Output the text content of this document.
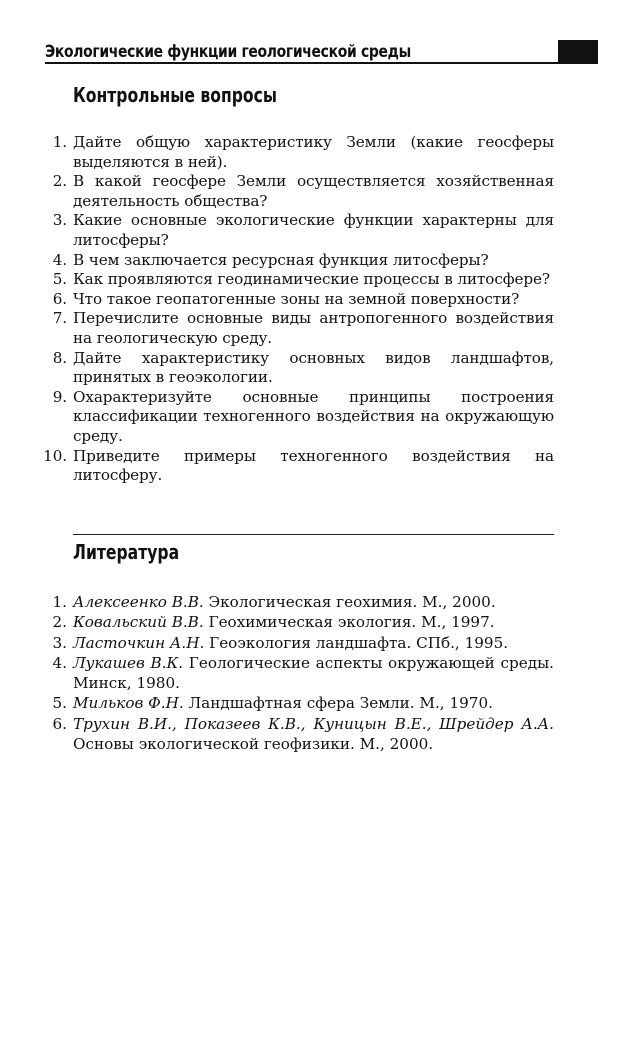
Экологические функции геологической среды
Контрольные вопросы
1. Дайте общую характеристику Земли (какие геосферы выделяются в ней).
2. В какой геосфере Земли осуществляется хозяйственная деятельность общества?
3. Какие основные экологические функции характерны для литосферы?
4. В чем заключается ресурсная функция литосферы?
5. Как проявляются геодинамические процессы в литосфере?
6. Что такое геопатогенные зоны на земной поверхности?
7. Перечислите основные виды антропогенного воздействия на геологическую среду.
8. Дайте характеристику основных видов ландшафтов, принятых в геоэкологии.
9. Охарактеризуйте основные принципы построения классификации техногенного воздействия на окружающую среду.
10. Приведите примеры техногенного воздействия на литосферу.
Литература
1. Алексеенко В.В. Экологическая геохимия. М., 2000.
2. Ковальский В.В. Геохимическая экология. М., 1997.
3. Ласточкин А.Н. Геоэкология ландшафта. СПб., 1995.
4. Лукашев В.К. Геологические аспекты окружающей среды. Минск, 1980.
5. Мильков Ф.Н. Ландшафтная сфера Земли. М., 1970.
6. Трухин В.И., Показеев К.В., Куницын В.Е., Шрейдер А.А. Основы экологической геофизики. М., 2000.
